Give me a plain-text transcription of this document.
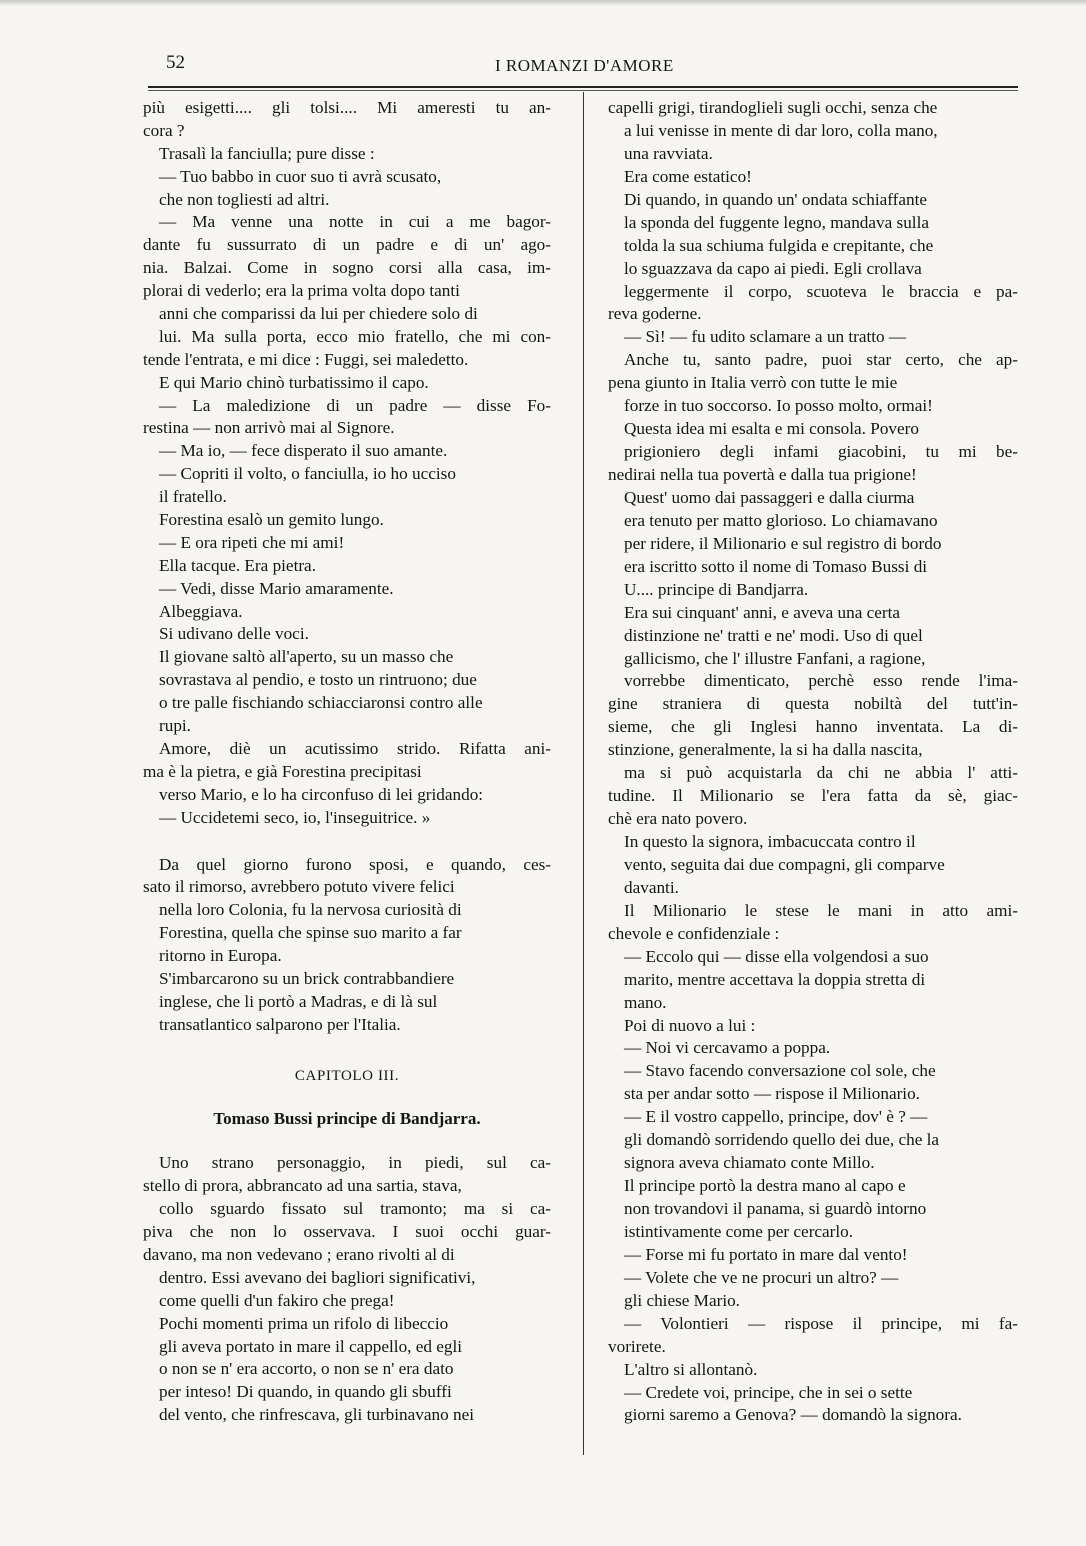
52	I ROMANZI D'AMORE
più esigetti.... gli tolsi.... Mi ameresti tu an-
cora ?
Trasalì la fanciulla; pure disse :
— Tuo babbo in cuor suo ti avrà scusato,
che non togliesti ad altri.
— Ma venne una notte in cui a me bagor-
dante fu sussurrato di un padre e di un' ago-
nia. Balzai. Come in sogno corsi alla casa, im-
plorai di vederlo; era la prima volta dopo tanti
anni che comparissi da lui per chiedere solo di
lui. Ma sulla porta, ecco mio fratello, che mi con-
tende l'entrata, e mi dice : Fuggi, sei maledetto.
E qui Mario chinò turbatissimo il capo.
— La maledizione di un padre — disse Fo-
restina — non arrivò mai al Signore.
— Ma io, — fece disperato il suo amante.
— Copriti il volto, o fanciulla, io ho ucciso
il fratello.
Forestina esalò un gemito lungo.
— E ora ripeti che mi ami!
Ella tacque. Era pietra.
— Vedi, disse Mario amaramente.
Albeggiava.
Si udivano delle voci.
Il giovane saltò all'aperto, su un masso che
sovrastava al pendio, e tosto un rintruono; due
o tre palle fischiando schiacciaronsi contro alle
rupi.
Amore, diè un acutissimo strido. Rifatta ani-
ma è la pietra, e già Forestina precipitasi
verso Mario, e lo ha circonfuso di lei gridando:
— Uccidetemi seco, io, l'inseguitrice. »
Da quel giorno furono sposi, e quando, ces-
sato il rimorso, avrebbero potuto vivere felici
nella loro Colonia, fu la nervosa curiosità di
Forestina, quella che spinse suo marito a far
ritorno in Europa.
S'imbarcarono su un brick contrabbandiere
inglese, che li portò a Madras, e di là sul
transatlantico salparono per l'Italia.
CAPITOLO III.
Tomaso Bussi principe di Bandjarra.
Uno strano personaggio, in piedi, sul ca-
stello di prora, abbrancato ad una sartia, stava,
collo sguardo fissato sul tramonto; ma si ca-
piva che non lo osservava. I suoi occhi guar-
davano, ma non vedevano ; erano rivolti al di
dentro. Essi avevano dei bagliori significativi,
come quelli d'un fakiro che prega!
Pochi momenti prima un rifolo di libeccio
gli aveva portato in mare il cappello, ed egli
o non se n' era accorto, o non se n' era dato
per inteso! Di quando, in quando gli sbuffi
del vento, che rinfrescava, gli turbinavano nei
capelli grigi, tirandoglieli sugli occhi, senza che
a lui venisse in mente di dar loro, colla mano,
una ravviata.
Era come estatico!
Di quando, in quando un' ondata schiaffante
la sponda del fuggente legno, mandava sulla
tolda la sua schiuma fulgida e crepitante, che
lo sguazzava da capo ai piedi. Egli crollava
leggermente il corpo, scuoteva le braccia e pa-
reva goderne.
— Sì! — fu udito sclamare a un tratto —
Anche tu, santo padre, puoi star certo, che ap-
pena giunto in Italia verrò con tutte le mie
forze in tuo soccorso. Io posso molto, ormai!
Questa idea mi esalta e mi consola. Povero
prigioniero degli infami giacobini, tu mi be-
nedirai nella tua povertà e dalla tua prigione!
Quest' uomo dai passaggeri e dalla ciurma
era tenuto per matto glorioso. Lo chiamavano
per ridere, il Milionario e sul registro di bordo
era iscritto sotto il nome di Tomaso Bussi di
U.... principe di Bandjarra.
Era sui cinquant' anni, e aveva una certa
distinzione ne' tratti e ne' modi. Uso di quel
gallicismo, che l' illustre Fanfani, a ragione,
vorrebbe dimenticato, perchè esso rende l'ima-
gine straniera di questa nobiltà del tutt'in-
sieme, che gli Inglesi hanno inventata. La di-
stinzione, generalmente, la si ha dalla nascita,
ma si può acquistarla da chi ne abbia l' atti-
tudine. Il Milionario se l'era fatta da sè, giac-
chè era nato povero.
In questo la signora, imbacuccata contro il
vento, seguita dai due compagni, gli comparve
davanti.
Il Milionario le stese le mani in atto ami-
chevole e confidenziale :
— Eccolo qui — disse ella volgendosi a suo
marito, mentre accettava la doppia stretta di
mano.
Poi di nuovo a lui :
— Noi vi cercavamo a poppa.
— Stavo facendo conversazione col sole, che
sta per andar sotto — rispose il Milionario.
— E il vostro cappello, principe, dov' è ? —
gli domandò sorridendo quello dei due, che la
signora aveva chiamato conte Millo.
Il principe portò la destra mano al capo e
non trovandovi il panama, si guardò intorno
istintivamente come per cercarlo.
— Forse mi fu portato in mare dal vento!
— Volete che ve ne procuri un altro? —
gli chiese Mario.
— Volontieri — rispose il principe, mi fa-
vorirete.
L'altro si allontanò.
— Credete voi, principe, che in sei o sette
giorni saremo a Genova? — domandò la signora.
